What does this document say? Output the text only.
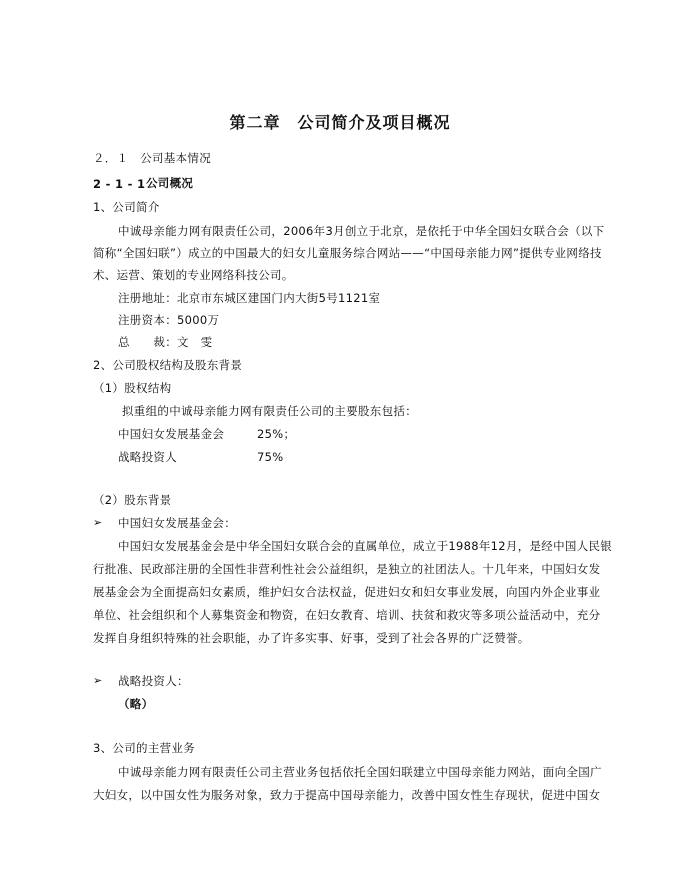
第二章　公司简介及项目概况
２．１　公司基本情况
2 - 1 - 1 公司概况
1、公司简介
中诚母亲能力网有限责任公司，2006年3月创立于北京，是依托于中华全国妇女联合会（以下
简称“全国妇联”）成立的中国最大的妇女儿童服务综合网站——“中国母亲能力网”提供专业网络技
术、运营、策划的专业网络科技公司。
注册地址：北京市东城区建国门内大街5号1121室
注册资本：5000万
总　　裁：文　雯
2、公司股权结构及股东背景
（1）股权结构
拟重组的中诚母亲能力网有限责任公司的主要股东包括：
中国妇女发展基金会	25%；
战略投资人	75%
（2）股东背景
➢ 中国妇女发展基金会：
中国妇女发展基金会是中华全国妇女联合会的直属单位，成立于1988年12月，是经中国人民银
行批准、民政部注册的全国性非营利性社会公益组织，是独立的社团法人。十几年来，中国妇女发
展基金会为全面提高妇女素质，维护妇女合法权益，促进妇女和妇女事业发展，向国内外企业事业
单位、社会组织和个人募集资金和物资，在妇女教育、培训、扶贫和救灾等多项公益活动中，充分
发挥自身组织特殊的社会职能，办了许多实事、好事，受到了社会各界的广泛赞誉。
➢ 战略投资人：
（略）
3、公司的主营业务
中诚母亲能力网有限责任公司主营业务包括依托全国妇联建立中国母亲能力网站，面向全国广
大妇女，以中国女性为服务对象，致力于提高中国母亲能力，改善中国女性生存现状，促进中国女
